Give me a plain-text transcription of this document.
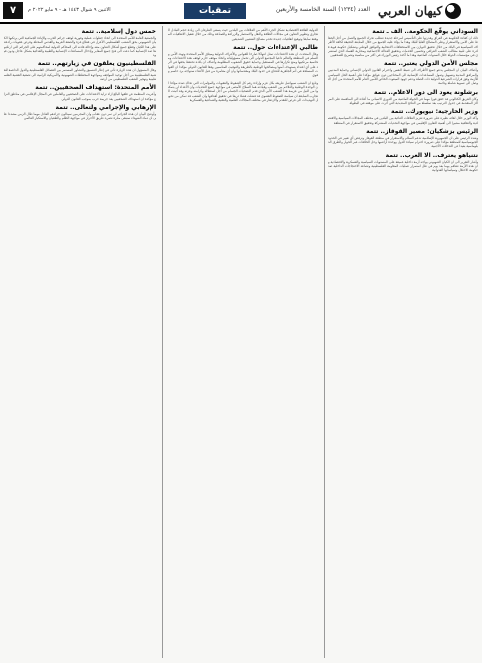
كيهان العربي
العدد (١٢٣٤) السنة الخامسة والأربعين
تمقيات
الاثنين ٩ شوال ١٤٤٣ هـ - ٩ مايو ٢٠٢٢ م
٧
السوداني يوقّع الحكومة.. الف ـ تتمة
ذلك ان كفاءة الحكومة في العراق وقدرتها على التأسيس لمرحلة جديدة تتطلب تحرك الجميع والعمل من أجل الحفاظ على الامن والاستقرار وعلى المصالح العليا للبلاد وهذا ما يؤكد عليه الجميع من خلال المتابعة الدقيقة لكافة الأطراف السياسية في البلاد من خلال تحقيق التوازن بين الاستحقاقات الانتخابية والتوافق الوطني وتشكيل حكومة قوية قادرة على تلبية مطالب الشعب العراقي وتحسين الخدمات وتحقيق العدالة الاجتماعية ومحاربة الفساد الذي استشرى في مؤسسات الدولة خلال السنوات الماضية وهذا ما أكده رئيس الوزراء في اكثر من مناسبة وتصريح للصحفيين
مجلس الأمن الدولي يعتبر.. تتمة
وأضاف البيان ان المجلس يدعو جميع الأطراف الى ضبط النفس واحترام القانون الدولي الإنساني وحماية المدنيين والمرافق المدنية وتسهيل وصول المساعدات الإنسانية الى المحتاجين دون عوائق مؤكدا على أهمية الحل السياسي للأزمة وفق قرارات الشرعية الدولية ذات الصلة ودعم جهود المبعوث الخاص للأمين العام للأمم المتحدة من أجل التوصل الى تسوية شاملة ودائمة
برشلونة يعود الى دور الاعلام.. تتمة
وكان الفريق الكتالوني قد حقق فوزا مهما في الجولة الماضية من الدوري الاسباني ما أعاده الى المنافسة على المراكز المتقدمة في جدول الترتيب بعد سلسلة من النتائج المتذبذبة التي أثرت على موقفه في البطولة
وزير الخارجية: نيويورك.. تتمة
وأكد الوزير خلال لقائه نظيره على ضرورة تعزيز العلاقات الثنائية بين البلدين في مختلف المجالات السياسية والاقتصادية والثقافية مشيرا الى أهمية التعاون الإقليمي في مواجهة التحديات المشتركة وتحقيق الاستقرار في المنطقة
الرئيس بزشكيان: مصير القوقاز.. تتمة
وشدد الرئيس على ان الجمهورية الإسلامية تدعم السلام والاستقرار في منطقة القوقاز وترفض أي تغيير في الحدود الجيوسياسية للمنطقة مؤكدا على ضرورة احترام سيادة الدول ووحدة أراضيها وحل الخلافات عبر الحوار والطرق الدبلوماسية بعيدا عن التدخلات الأجنبية
نتنياهو يعترف.. الا العرب.. تتمة
وأشار التقرير الى ان الكيان الصهيوني يواجه أزمة داخلية عميقة على المستويات السياسية والعسكرية والاقتصادية وان هذه الأزمة تتفاقم يوما بعد يوم في ظل استمرار عمليات المقاومة الفلسطينية وتصاعد الاحتجاجات الداخلية ضد حكومة الاحتلال وسياساتها العدوانية
الدولية العلاقة الاقتصادية تشكل الجزء الأهم من العلاقات بين البلدين حيث يسعى الطرفان الى زيادة حجم التبادل التجاري وتطوير التعاون في مجالات الطاقة والنقل والاستثمار والزراعة والصناعة وذلك من خلال تفعيل الاتفاقيات الموقعة سابقا وتوقيع اتفاقيات جديدة تخدم مصالح الشعبين الصديقين
طالبي الإعتداءات حول.. تتمة
وقال المتحدث ان هذه الاعتداءات تمثل انتهاكا صارخا للقوانين والأعراف الدولية وميثاق الأمم المتحدة وتهدد الأمن والسلم في المنطقة والعالم داعيا المجتمع الدولي الى تحمل مسؤولياته واتخاذ موقف حازم لوقف هذه الاعتداءات ومحاسبة مرتكبيها ومنع تكرارها في المستقبل وحماية حقوق الشعوب المظلومة وأضاف ان بلاده تحتفظ بحقها في الرد على أي اعتداء يستهدف أمنها ومصالحها الوطنية بالطريقة والتوقيت المناسبين وفقا للقانون الدولي مؤكدا ان القوات المسلحة في أتم الجاهزية للدفاع عن حدود البلاد ومقدساتها وان أي مغامرة من قبل الأعداء ستواجه برد حاسم وقوي
وتابع ان الشعب سيواصل طريقه بكل عزم وإرادة رغم كل الضغوط والعقوبات والمؤامرات التي تحاك ضده مؤكدا ان الوحدة الوطنية والتلاحم بين الشعب وقيادته هما السلاح الأمضى في مواجهة جميع التحديات وان الأعداء لن يتمكنوا من النيل من عزيمة هذا الشعب الأبي الذي قدم التضحيات الجسام من أجل استقلاله وكرامته وعزته وقد أثبتت التجارب السابقة ان سياسة الضغوط القصوى قد فشلت فشلا ذريعا في تحقيق أهدافها وان الشعب قد تمكن من تحويل التهديدات الى فرص للتقدم والازدهار في مختلف المجالات العلمية والتقنية والصناعية والعسكرية
خمس دول إسلامية.. تتمة
والجمعية العامة للأمم المتحدة الى اتخاذ خطوات عملية وفورية لوقف جرائم الحرب والإبادة الجماعية التي يرتكبها الكيان الصهيوني بحق الشعب الفلسطيني الأعزل في قطاع غزة والضفة الغربية والقدس المحتلة وفرض عقوبات رادعة على هذا الكيان وقطع جميع أشكال التعاون معه وإحالة قادته الى المحاكم الدولية لمحاكمتهم على الجرائم التي ارتكبوها ضد الإنسانية كما دعت الى فتح جميع المعابر وإدخال المساعدات الإنسانية والطبية والغذائية بشكل عاجل ودون قيود
الفلسطينيون يعلقون في زيارتهم.. تتمة
وقال المسؤول ان هذه الزيارة تأتي في إطار التنسيق والتشاور المستمر بين الفصائل الفلسطينية والدول الداعمة للقضية الفلسطينية من أجل توحيد المواقف ومواجهة المخططات الصهيونية والأمريكية الرامية الى تصفية القضية الفلسطينية وتهجير الشعب الفلسطيني من أرضه
الأمم المتحدة: استهداف الصحفيين.. تتمة
وأعربت المنظمة عن قلقها البالغ ازاء تزايد الاعتداءات على الصحفيين والعاملين في المجال الإعلامي في مناطق النزاع مؤكدة ان استهداف الصحفيين يعد جريمة حرب بموجب القانون الدولي
الإرهابي والإجرامي ولتعالى.. تتمة
وأوضح البيان ان هذه الجرائم لن تمر دون عقاب وان المجرمين سينالون جزاءهم العادل مهما طال الزمن مشددا على ان دماء الشهداء ستبقى منارة تضيء طريق الأحرار في مواجهة الظلم والطغيان والاستكبار العالمي
